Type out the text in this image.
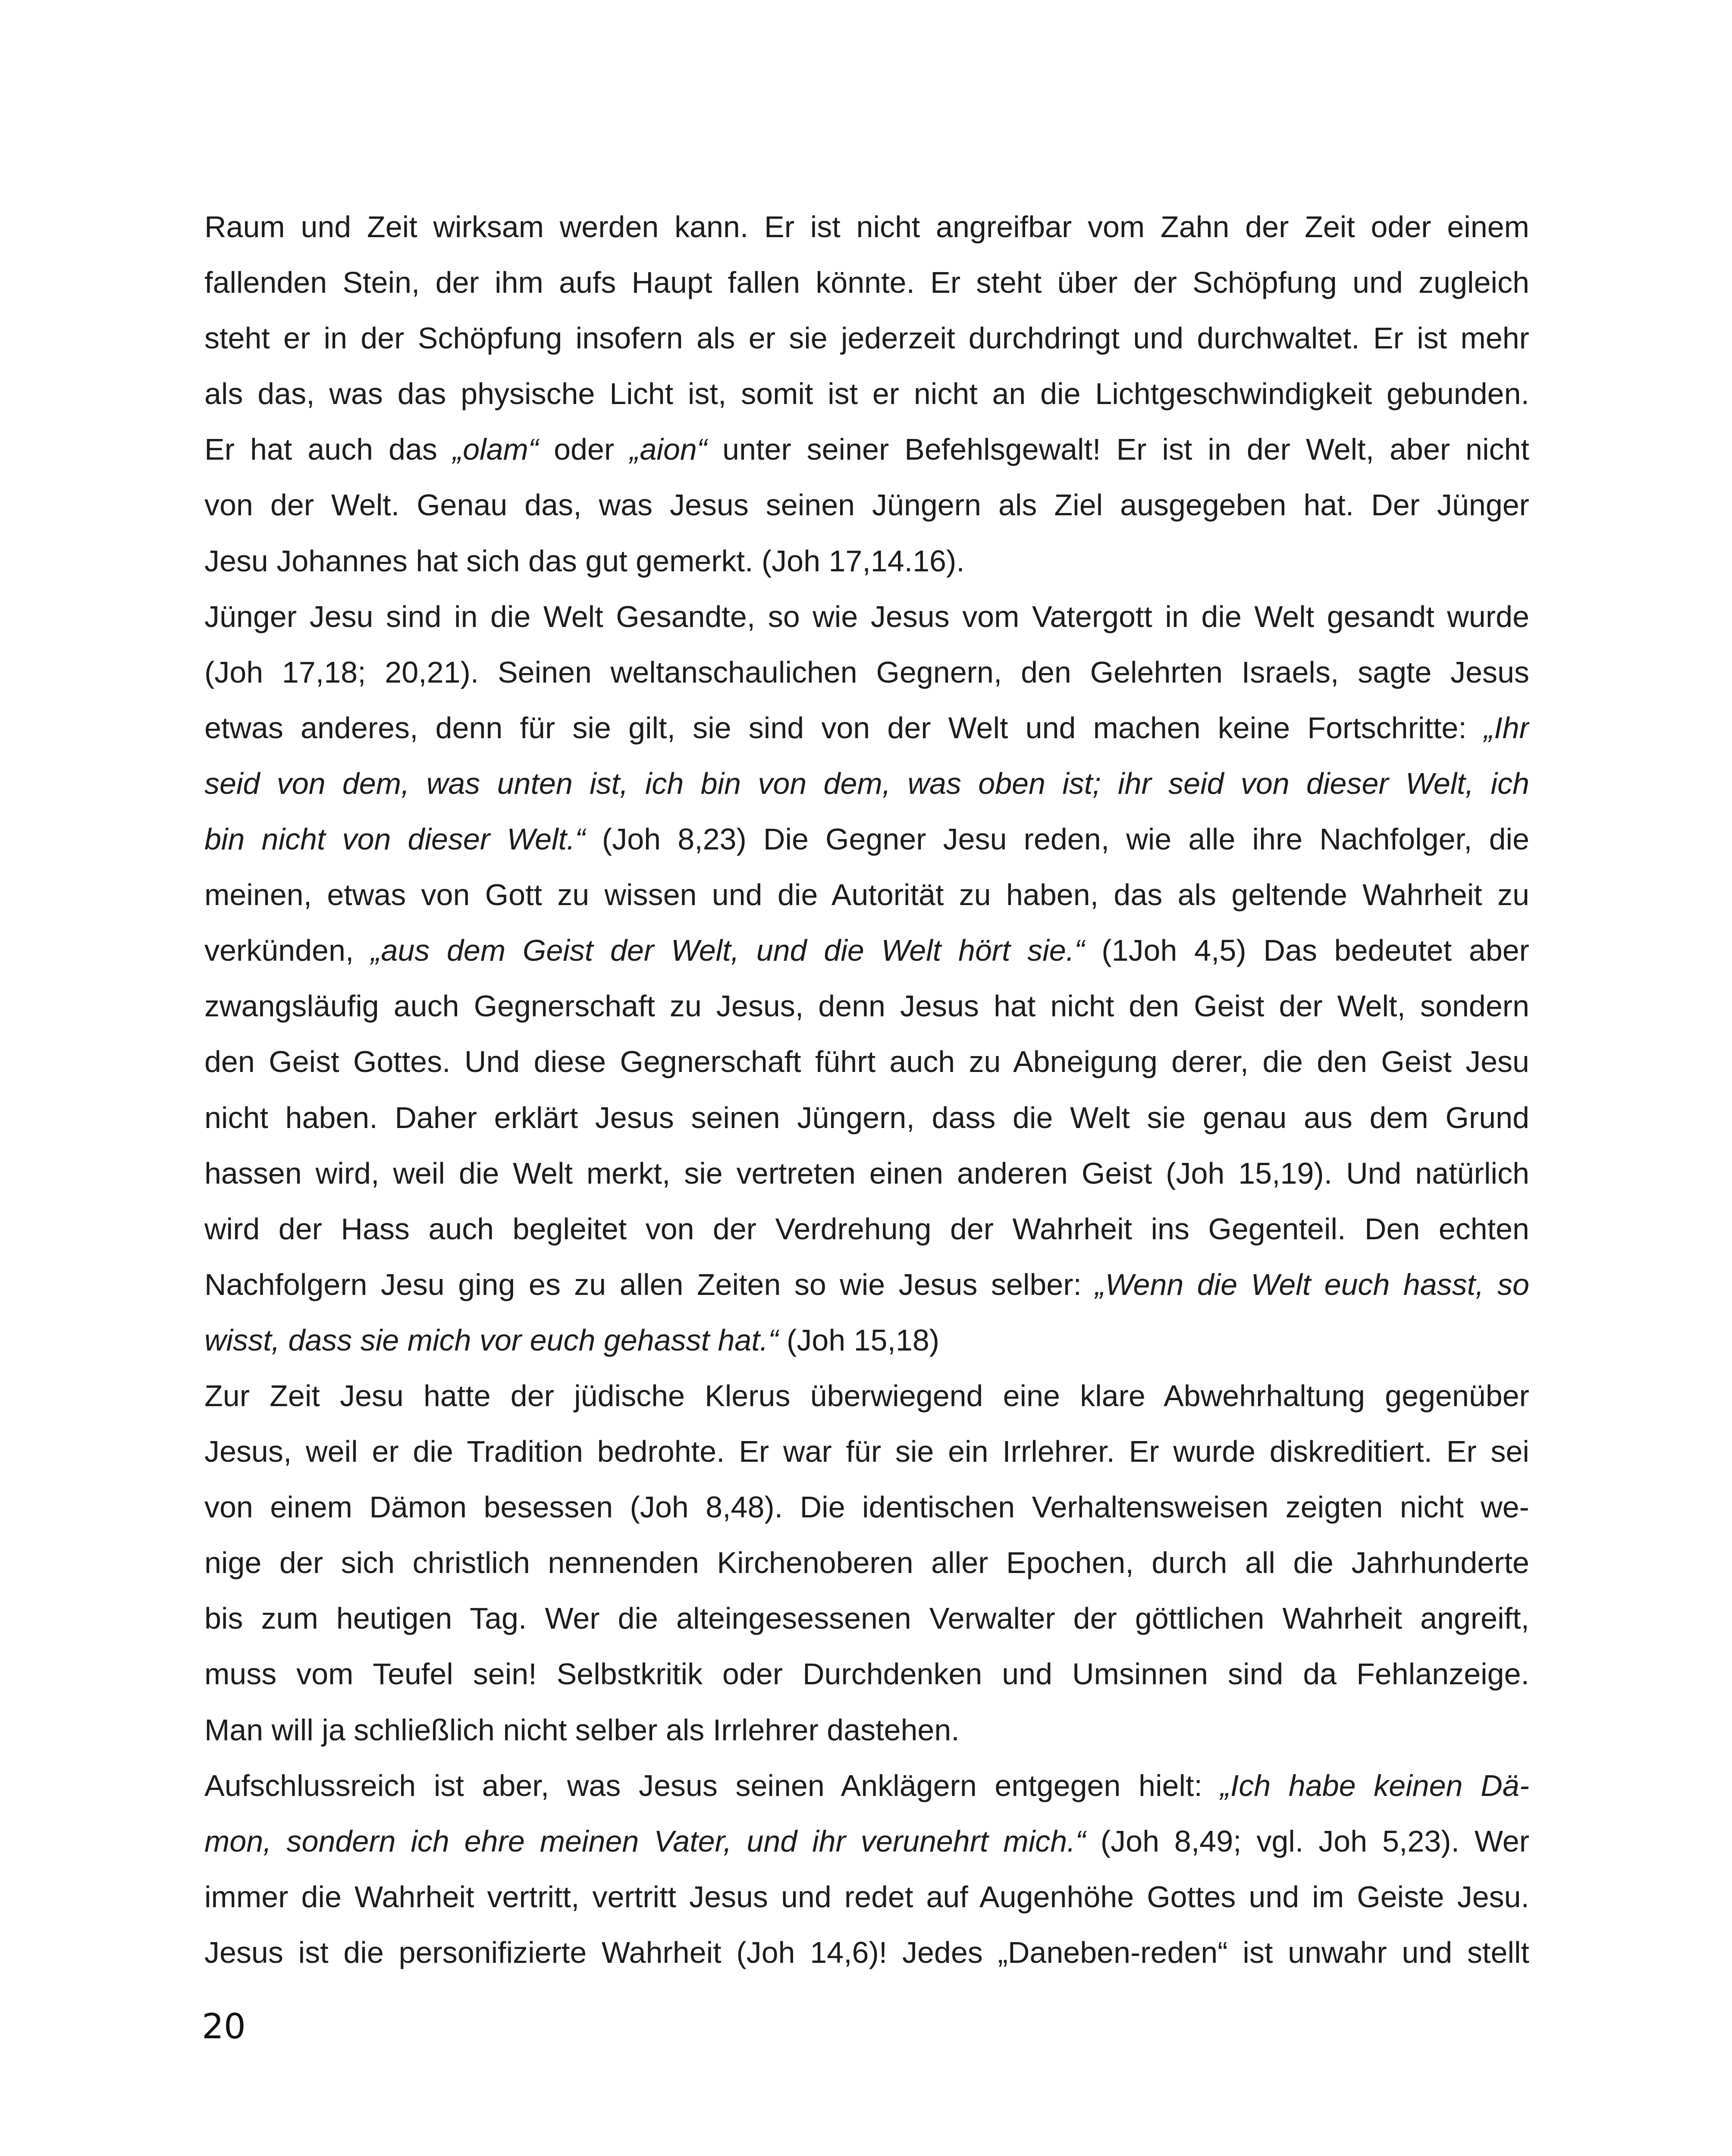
Raum und Zeit wirksam werden kann. Er ist nicht angreifbar vom Zahn der Zeit oder einem
fallenden Stein, der ihm aufs Haupt fallen könnte. Er steht über der Schöpfung und zugleich
steht er in der Schöpfung insofern als er sie jederzeit durchdringt und durchwaltet. Er ist mehr
als das, was das physische Licht ist, somit ist er nicht an die Lichtgeschwindigkeit gebunden.
Er hat auch das „olam“ oder „aion“ unter seiner Befehlsgewalt! Er ist in der Welt, aber nicht
von der Welt. Genau das, was Jesus seinen Jüngern als Ziel ausgegeben hat. Der Jünger
Jesu Johannes hat sich das gut gemerkt. (Joh 17,14.16).
Jünger Jesu sind in die Welt Gesandte, so wie Jesus vom Vatergott in die Welt gesandt wurde
(Joh 17,18; 20,21). Seinen weltanschaulichen Gegnern, den Gelehrten Israels, sagte Jesus
etwas anderes, denn für sie gilt, sie sind von der Welt und machen keine Fortschritte: „Ihr
seid von dem, was unten ist, ich bin von dem, was oben ist; ihr seid von dieser Welt, ich
bin nicht von dieser Welt.“ (Joh 8,23) Die Gegner Jesu reden, wie alle ihre Nachfolger, die
meinen, etwas von Gott zu wissen und die Autorität zu haben, das als geltende Wahrheit zu
verkünden, „aus dem Geist der Welt, und die Welt hört sie.“ (1Joh 4,5) Das bedeutet aber
zwangsläufig auch Gegnerschaft zu Jesus, denn Jesus hat nicht den Geist der Welt, sondern
den Geist Gottes. Und diese Gegnerschaft führt auch zu Abneigung derer, die den Geist Jesu
nicht haben. Daher erklärt Jesus seinen Jüngern, dass die Welt sie genau aus dem Grund
hassen wird, weil die Welt merkt, sie vertreten einen anderen Geist (Joh 15,19). Und natürlich
wird der Hass auch begleitet von der Verdrehung der Wahrheit ins Gegenteil. Den echten
Nachfolgern Jesu ging es zu allen Zeiten so wie Jesus selber: „Wenn die Welt euch hasst, so
wisst, dass sie mich vor euch gehasst hat.“ (Joh 15,18)
Zur Zeit Jesu hatte der jüdische Klerus überwiegend eine klare Abwehrhaltung gegenüber
Jesus, weil er die Tradition bedrohte. Er war für sie ein Irrlehrer. Er wurde diskreditiert. Er sei
von einem Dämon besessen (Joh 8,48). Die identischen Verhaltensweisen zeigten nicht we-
nige der sich christlich nennenden Kirchenoberen aller Epochen, durch all die Jahrhunderte
bis zum heutigen Tag. Wer die alteingesessenen Verwalter der göttlichen Wahrheit angreift,
muss vom Teufel sein! Selbstkritik oder Durchdenken und Umsinnen sind da Fehlanzeige.
Man will ja schließlich nicht selber als Irrlehrer dastehen.
Aufschlussreich ist aber, was Jesus seinen Anklägern entgegen hielt: „Ich habe keinen Dä-
mon, sondern ich ehre meinen Vater, und ihr verunehrt mich.“ (Joh 8,49; vgl. Joh 5,23). Wer
immer die Wahrheit vertritt, vertritt Jesus und redet auf Augenhöhe Gottes und im Geiste Jesu.
Jesus ist die personifizierte Wahrheit (Joh 14,6)! Jedes „Daneben-reden“ ist unwahr und stellt
20
